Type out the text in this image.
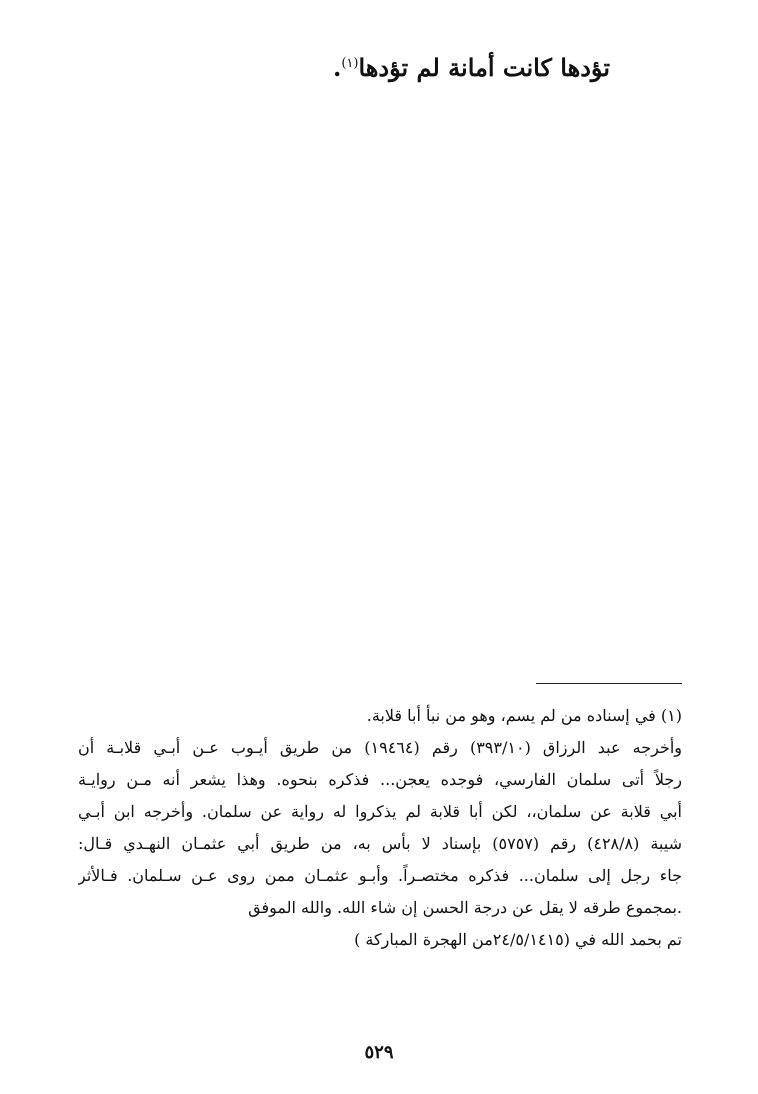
تؤدها كانت أمانة لم تؤدها$^{(١)}$.
(١) في إسناده من لم يسم، وهو من نبأ أبا قلابة.
وأخرجه عبد الرزاق (٣٩٣/١٠) رقم (١٩٤٦٤) من طريق أيـوب عـن أبـي قلابـة أن
رجلاً أتى سلمان الفارسي، فوجده يعجن... فذكره بنحوه. وهذا يشعر أنه مـن روايـة
أبي قلابة عن سلمان،، لكن أبا قلابة لم يذكروا له رواية عن سلمان. وأخرجه ابن أبـي
شيبة (٤٢٨/٨) رقم (٥٧٥٧) بإسناد لا بأس به، من طريق أبي عثمـان النهـدي قـال:
جاء رجل إلى سلمان... فذكره مختصـراً. وأبـو عثمـان ممن روى عـن سـلمان. فـالأثر
.بمجموع طرقه لا يقل عن درجة الحسن إن شاء الله. والله الموفق
تم بحمد الله في (٢٤/٥/١٤١٥من الهجرة المباركة )
٥٢٩
